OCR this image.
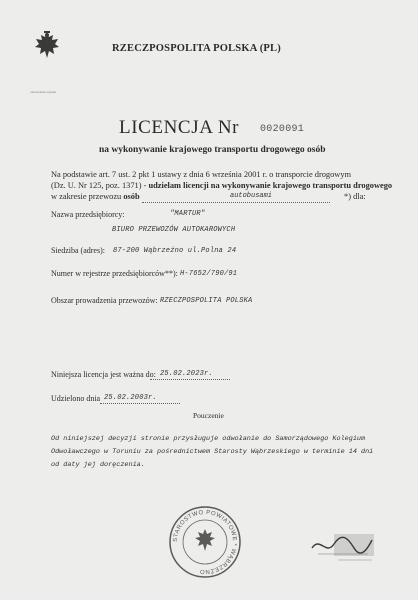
RZECZPOSPOLITA POLSKA (PL)
oznaczenie organu
LICENCJA Nr 0020091
na wykonywanie krajowego transportu drogowego osób
Na podstawie art. 7 ust. 2 pkt 1 ustawy z dnia 6 września 2001 r. o transporcie drogowym
(Dz. U. Nr 125, poz. 1371) - udzielam licencji na wykonywanie krajowego transportu drogowego
w zakresie przewozu osób	autobusami	*) dla:
Nazwa przedsiębiorcy:	"MARTUR"
BIURO PRZEWOZÓW AUTOKAROWYCH
Siedziba (adres): 87-200 Wąbrzeźno ul.Polna 24
Numer w rejestrze przedsiębiorców**): H-7652/790/91
Obszar prowadzenia przewozów: RZECZPOSPOLITA POLSKA
Niniejsza licencja jest ważna do: 25.02.2023r.
Udzielono dnia 25.02.2003r.
Pouczenie
Od niniejszej decyzji stronie przysługuje odwołanie do Samorządowego Kolegium
Odwoławczego w Toruniu za pośrednictwem Starosty Wąbrzeskiego w terminie 14 dni
od daty jej doręczenia.
STAROSTWO POWIATOWE * WĄBRZEŹNO
